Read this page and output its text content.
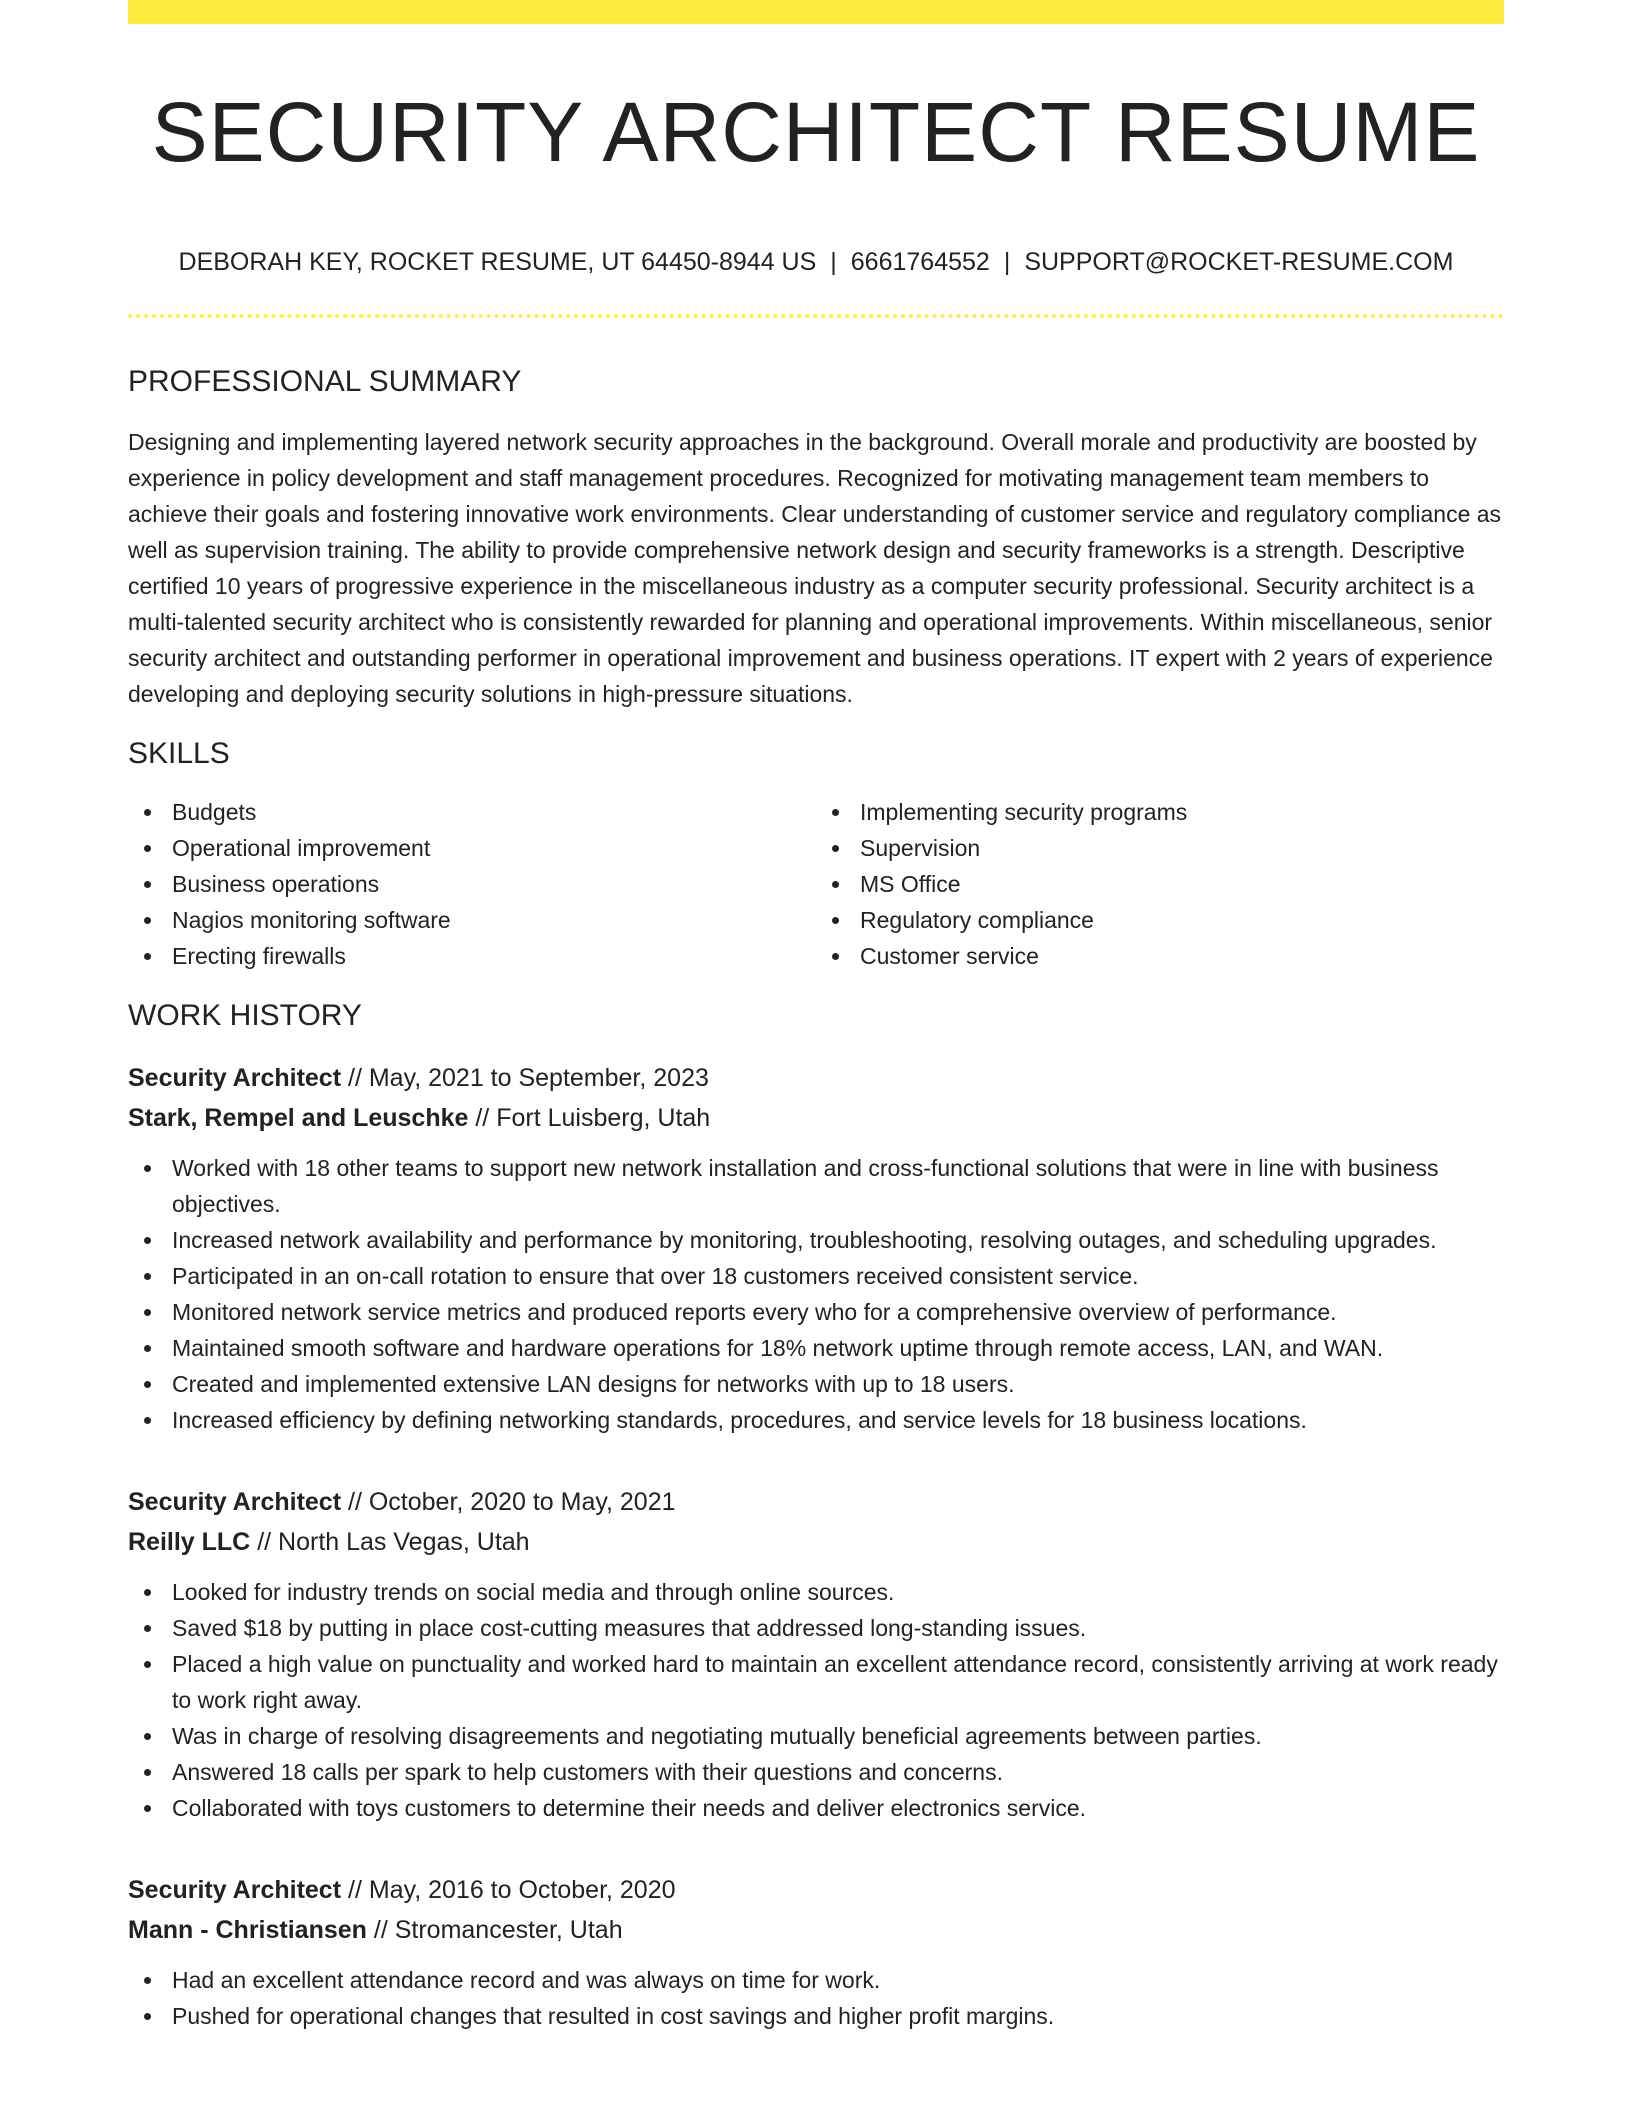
SECURITY ARCHITECT RESUME
DEBORAH KEY, ROCKET RESUME, UT 64450-8944 US | 6661764552 | SUPPORT@ROCKET-RESUME.COM
PROFESSIONAL SUMMARY

Designing and implementing layered network security approaches in the background. Overall morale and productivity are boosted by experience in policy development and staff management procedures. Recognized for motivating management team members to achieve their goals and fostering innovative work environments. Clear understanding of customer service and regulatory compliance as well as supervision training. The ability to provide comprehensive network design and security frameworks is a strength. Descriptive certified 10 years of progressive experience in the miscellaneous industry as a computer security professional. Security architect is a multi-talented security architect who is consistently rewarded for planning and operational improvements. Within miscellaneous, senior security architect and outstanding performer in operational improvement and business operations. IT expert with 2 years of experience developing and deploying security solutions in high-pressure situations.

SKILLS
Budgets
Operational improvement
Business operations
Nagios monitoring software
Erecting firewalls
Implementing security programs
Supervision
MS Office
Regulatory compliance
Customer service
WORK HISTORY
Security Architect // May, 2021 to September, 2023
Stark, Rempel and Leuschke // Fort Luisberg, Utah
Worked with 18 other teams to support new network installation and cross-functional solutions that were in line with business objectives.
Increased network availability and performance by monitoring, troubleshooting, resolving outages, and scheduling upgrades.
Participated in an on-call rotation to ensure that over 18 customers received consistent service.
Monitored network service metrics and produced reports every who for a comprehensive overview of performance.
Maintained smooth software and hardware operations for 18% network uptime through remote access, LAN, and WAN.
Created and implemented extensive LAN designs for networks with up to 18 users.
Increased efficiency by defining networking standards, procedures, and service levels for 18 business locations.
Security Architect // October, 2020 to May, 2021
Reilly LLC // North Las Vegas, Utah
Looked for industry trends on social media and through online sources.
Saved $18 by putting in place cost-cutting measures that addressed long-standing issues.
Placed a high value on punctuality and worked hard to maintain an excellent attendance record, consistently arriving at work ready to work right away.
Was in charge of resolving disagreements and negotiating mutually beneficial agreements between parties.
Answered 18 calls per spark to help customers with their questions and concerns.
Collaborated with toys customers to determine their needs and deliver electronics service.
Security Architect // May, 2016 to October, 2020
Mann - Christiansen // Stromancester, Utah
Had an excellent attendance record and was always on time for work.
Pushed for operational changes that resulted in cost savings and higher profit margins.
